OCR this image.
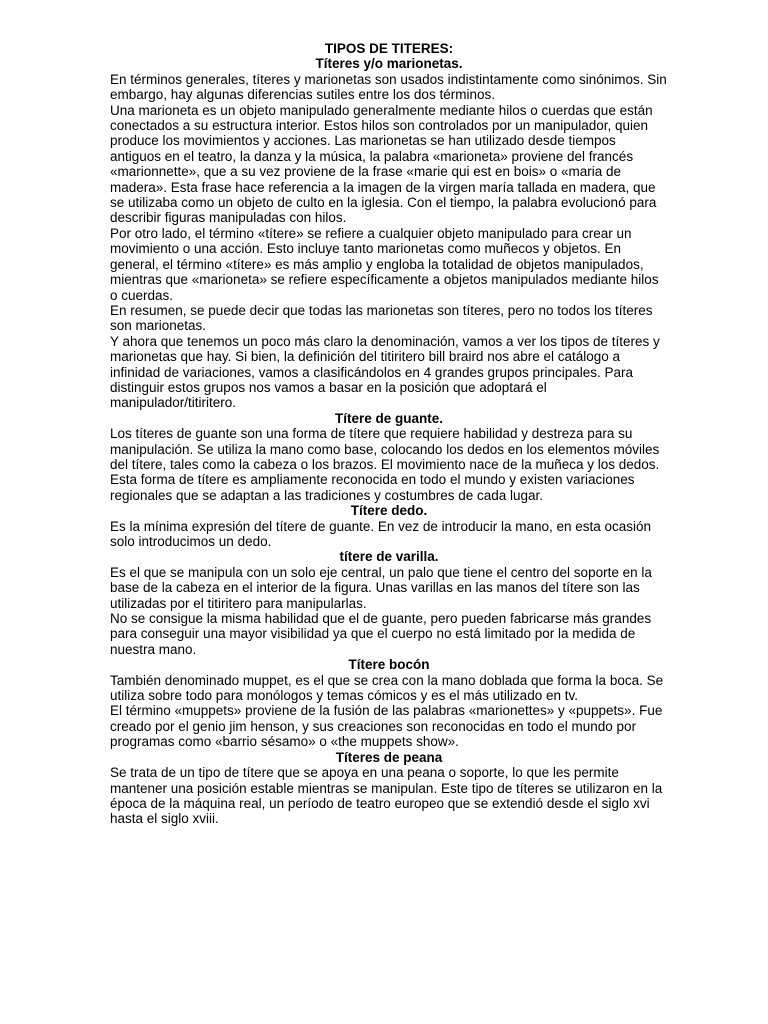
TIPOS DE TITERES:

Títeres y/o marionetas.

En términos generales, títeres y marionetas son usados indistintamente como sinónimos. Sin embargo, hay algunas diferencias sutiles entre los dos términos.

Una marioneta es un objeto manipulado generalmente mediante hilos o cuerdas que están conectados a su estructura interior. Estos hilos son controlados por un manipulador, quien produce los movimientos y acciones. Las marionetas se han utilizado desde tiempos antiguos en el teatro, la danza y la música, la palabra «marioneta» proviene del francés «marionnette», que a su vez proviene de la frase «marie qui est en bois» o «maria de madera». Esta frase hace referencia a la imagen de la virgen maría tallada en madera, que se utilizaba como un objeto de culto en la iglesia. Con el tiempo, la palabra evolucionó para describir figuras manipuladas con hilos.

Por otro lado, el término «títere» se refiere a cualquier objeto manipulado para crear un movimiento o una acción. Esto incluye tanto marionetas como muñecos y objetos. En general, el término «títere» es más amplio y engloba la totalidad de objetos manipulados, mientras que «marioneta» se refiere específicamente a objetos manipulados mediante hilos o cuerdas.

En resumen, se puede decir que todas las marionetas son títeres, pero no todos los títeres son marionetas.

Y ahora que tenemos un poco más claro la denominación, vamos a ver los tipos de títeres y marionetas que hay. Si bien, la definición del titiritero bill braird nos abre el catálogo a infinidad de variaciones, vamos a clasificándolos en 4 grandes grupos principales. Para distinguir estos grupos nos vamos a basar en la posición que adoptará el manipulador/titiritero.

Títere de guante.

Los títeres de guante son una forma de títere que requiere habilidad y destreza para su manipulación. Se utiliza la mano como base, colocando los dedos en los elementos móviles del títere, tales como la cabeza o los brazos. El movimiento nace de la muñeca y los dedos.

Esta forma de títere es ampliamente reconocida en todo el mundo y existen variaciones regionales que se adaptan a las tradiciones y costumbres de cada lugar.

Títere dedo.

Es la mínima expresión del títere de guante. En vez de introducir la mano, en esta ocasión solo introducimos un dedo.

títere de varilla.

Es el que se manipula con un solo eje central, un palo que tiene el centro del soporte en la base de la cabeza en el interior de la figura. Unas varillas en las manos del títere son las utilizadas por el titiritero para manipularlas.

No se consigue la misma habilidad que el de guante, pero pueden fabricarse más grandes para conseguir una mayor visibilidad ya que el cuerpo no está limitado por la medida de nuestra mano.

Títere bocón

También denominado muppet, es el que se crea con la mano doblada que forma la boca. Se utiliza sobre todo para monólogos y temas cómicos y es el más utilizado en tv.

El término «muppets» proviene de la fusión de las palabras «marionettes» y «puppets». Fue creado por el genio jim henson, y sus creaciones son reconocidas en todo el mundo por programas como «barrio sésamo» o «the muppets show».

Títeres de peana

Se trata de un tipo de títere que se apoya en una peana o soporte, lo que les permite mantener una posición estable mientras se manipulan. Este tipo de títeres se utilizaron en la época de la máquina real, un período de teatro europeo que se extendió desde el siglo xvi hasta el siglo xviii.
